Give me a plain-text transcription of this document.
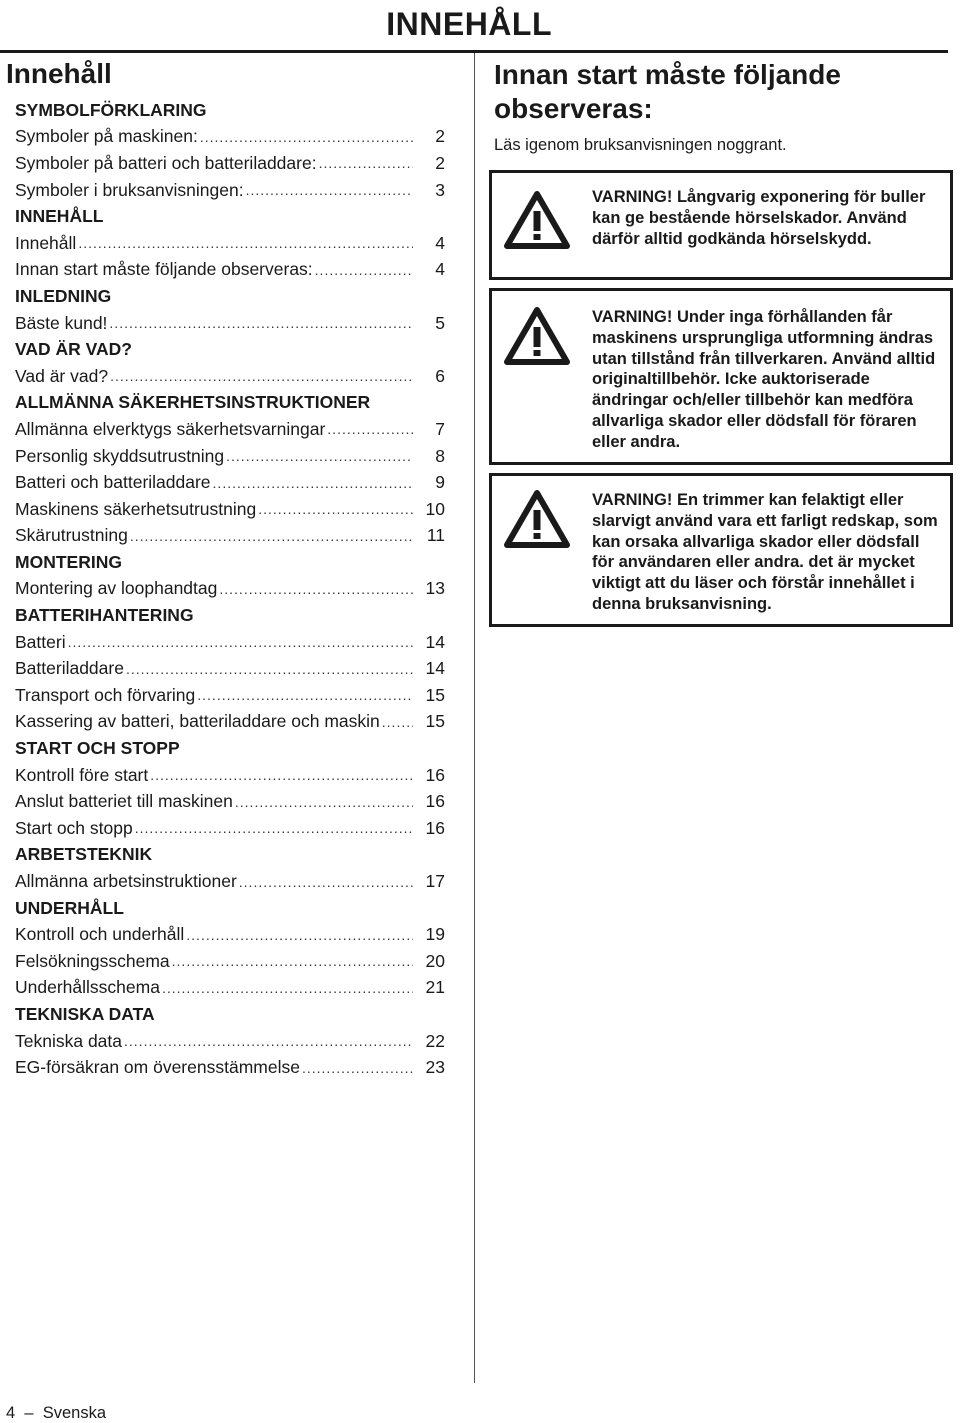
INNEHÅLL
Innehåll
SYMBOLFÖRKLARING
Symboler på maskinen: .....	2
Symboler på batteri och batteriladdare: .....	2
Symboler i bruksanvisningen: .....	3
INNEHÅLL
Innehåll .....	4
Innan start måste följande observeras: .....	4
INLEDNING
Bäste kund! .....	5
VAD ÄR VAD?
Vad är vad? .....	6
ALLMÄNNA SÄKERHETSINSTRUKTIONER
Allmänna elverktygs säkerhetsvarningar .....	7
Personlig skyddsutrustning .....	8
Batteri och batteriladdare .....	9
Maskinens säkerhetsutrustning .....	10
Skärutrustning .....	11
MONTERING
Montering av loophandtag .....	13
BATTERIHANTERING
Batteri .....	14
Batteriladdare .....	14
Transport och förvaring .....	15
Kassering av batteri, batteriladdare och maskin .....	15
START OCH STOPP
Kontroll före start .....	16
Anslut batteriet till maskinen .....	16
Start och stopp .....	16
ARBETSTEKNIK
Allmänna arbetsinstruktioner .....	17
UNDERHÅLL
Kontroll och underhåll .....	19
Felsökningsschema .....	20
Underhållsschema .....	21
TEKNISKA DATA
Tekniska data .....	22
EG-försäkran om överensstämmelse .....	23
Innan start måste följande observeras:
Läs igenom bruksanvisningen noggrant.
VARNING! Långvarig exponering för buller kan ge bestående hörselskador. Använd därför alltid godkända hörselskydd.
VARNING! Under inga förhållanden får maskinens ursprungliga utformning ändras utan tillstånd från tillverkaren. Använd alltid originaltillbehör. Icke auktoriserade ändringar och/eller tillbehör kan medföra allvarliga skador eller dödsfall för föraren eller andra.
VARNING! En trimmer kan felaktigt eller slarvigt använd vara ett farligt redskap, som kan orsaka allvarliga skador eller dödsfall för användaren eller andra. det är mycket viktigt att du läser och förstår innehållet i denna bruksanvisning.
4  –  Svenska
